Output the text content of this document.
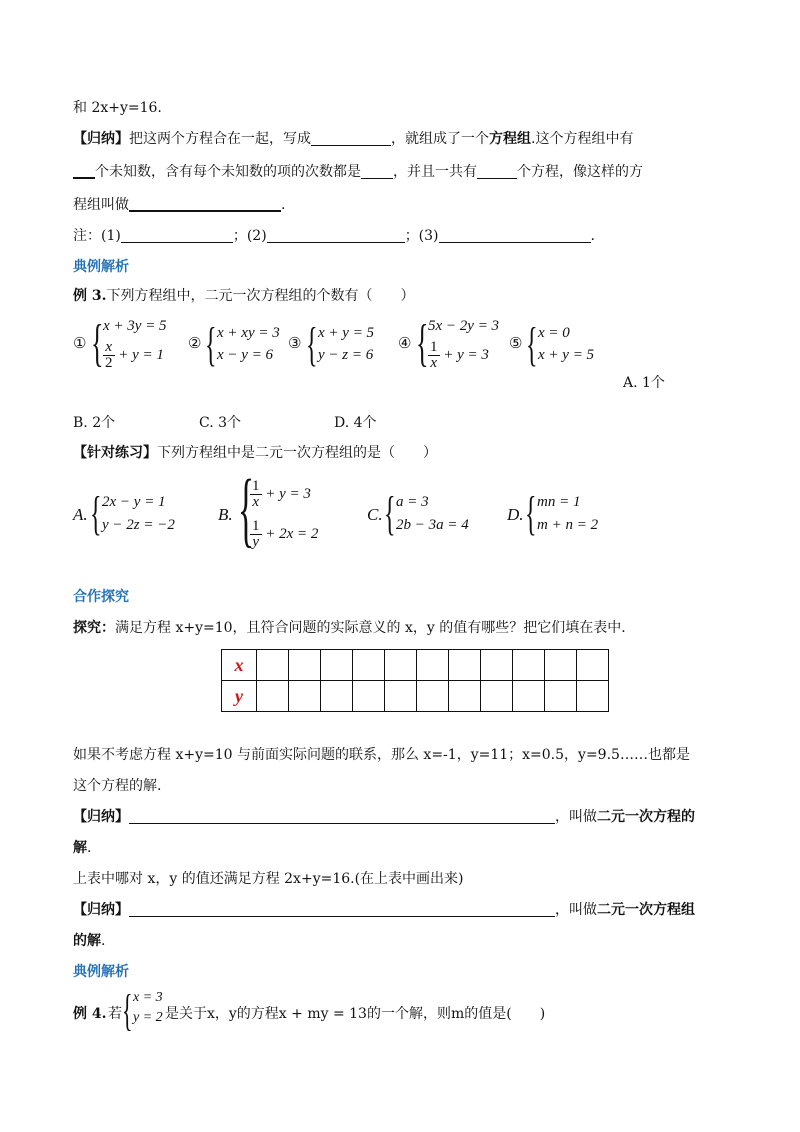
和 2x+y=16.
【归纳】把这两个方程合在一起，写成	，就组成了一个方程组.这个方程组中有
个未知数，含有每个未知数的项的次数都是 ，并且一共有	个方程，像这样的方
程组叫做	.
注：(1)	；(2)	；(3)	.
典例解析
例 3.下列方程组中，二元一次方程组的个数有（　　）
① { x + 3y = 5
$\frac{x}{2} + y = 1$
② { x + xy = 3
x − y = 6
③ { x + y = 5
y − z = 6
④ { 5x − 2y = 3
$\frac{1}{x} + y = 3$
⑤ { x = 0
x + y = 5
A. 1个
B. 2个	C. 3个	D. 4个
【针对练习】下列方程组中是二元一次方程组的是（　　）
A. { 2x − y = 1
y − 2z = −2
B. {
$\frac{1}{x} + y = 3$
$\frac{1}{y} + 2x = 2$
C. { a = 3
2b − 3a = 4
D. { mn = 1
m + n = 2
合作探究
探究：满足方程 x+y=10，且符合问题的实际意义的 x，y 的值有哪些？把它们填在表中.
x											
y											
如果不考虑方程 x+y=10 与前面实际问题的联系，那么 x=-1，y=11；x=0.5，y=9.5……也都是
这个方程的解.
【归纳】	，叫做二元一次方程的
解.
上表中哪对 x，y 的值还满足方程 2x+y=16.(在上表中画出来)
【归纳】	，叫做二元一次方程组
的解.
典例解析
例 4. 若 { x = 3
y = 2 是关于x，y的方程x + my = 13的一个解，则m的值是(　　)
